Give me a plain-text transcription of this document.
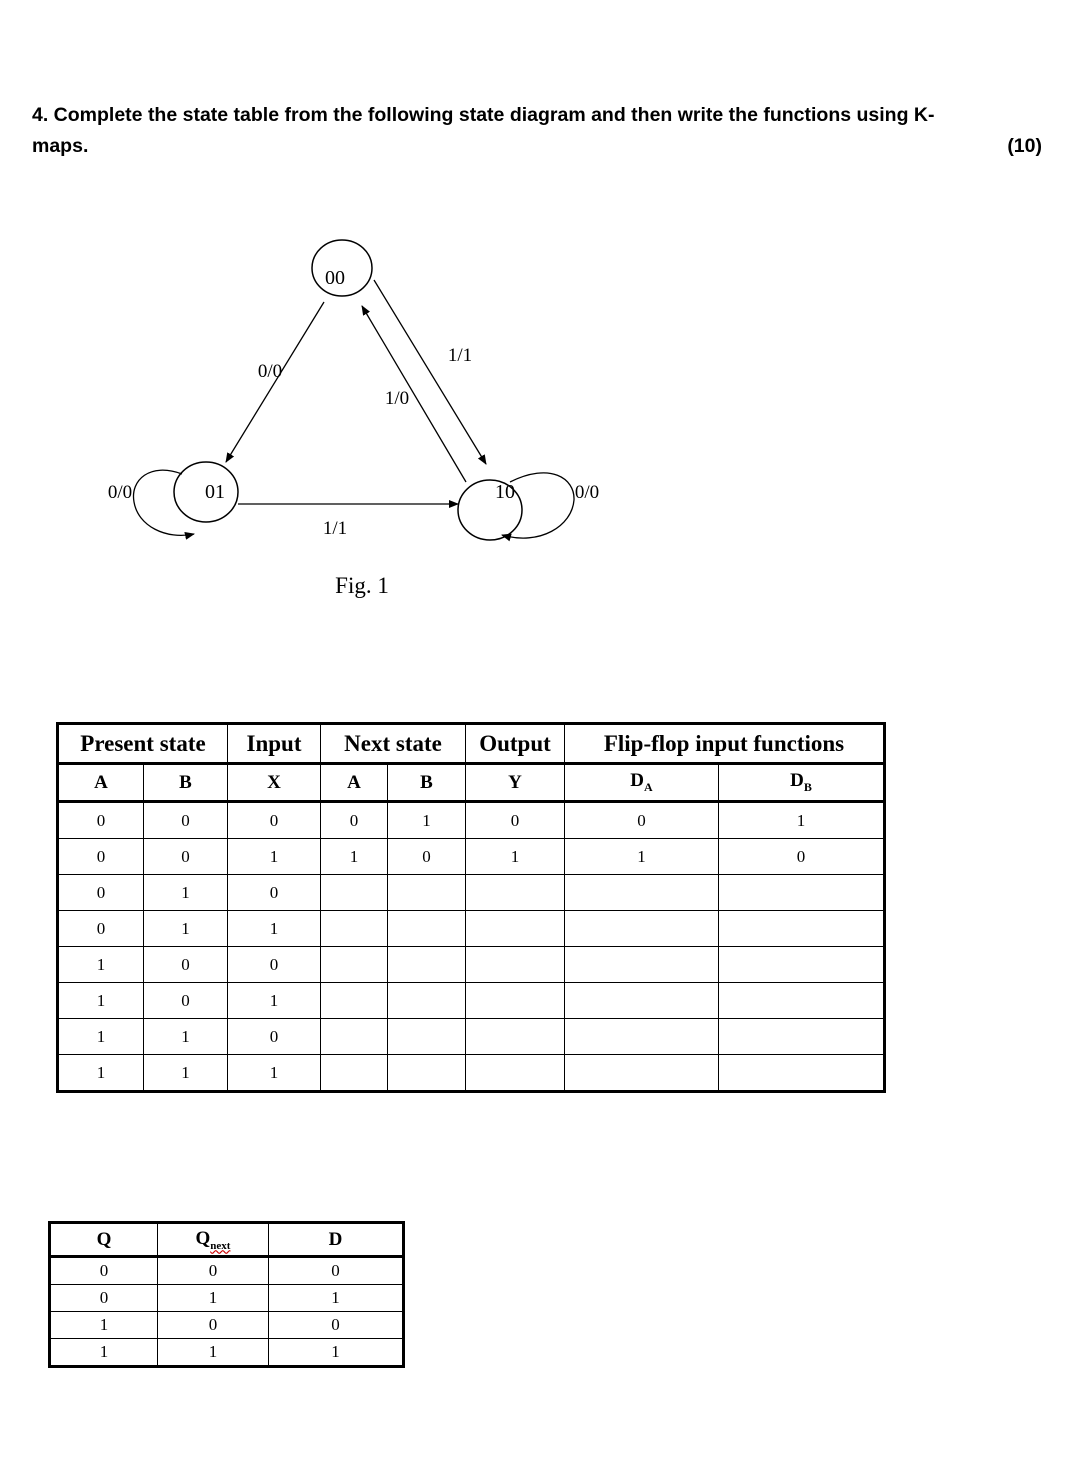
4. Complete the state table from the following state diagram and then write the functions using K-
maps.	(10)
00
01	10
0/0
1/1
1/0
1/1
0/0	0/0
Fig. 1
Present state		Input	Next state		Output	Flip-flop input functions	
A	B	X	A	B	Y	$D_A$	$D_B$
0	0	0	0	1	0	0	1
0	0	1	1	0	1	1	0
0	1	0					
0	1	1					
1	0	0					
1	0	1					
1	1	0					
1	1	1					
Q	$Q_{next}$	D
0	0	0
0	1	1
1	0	0
1	1	1
